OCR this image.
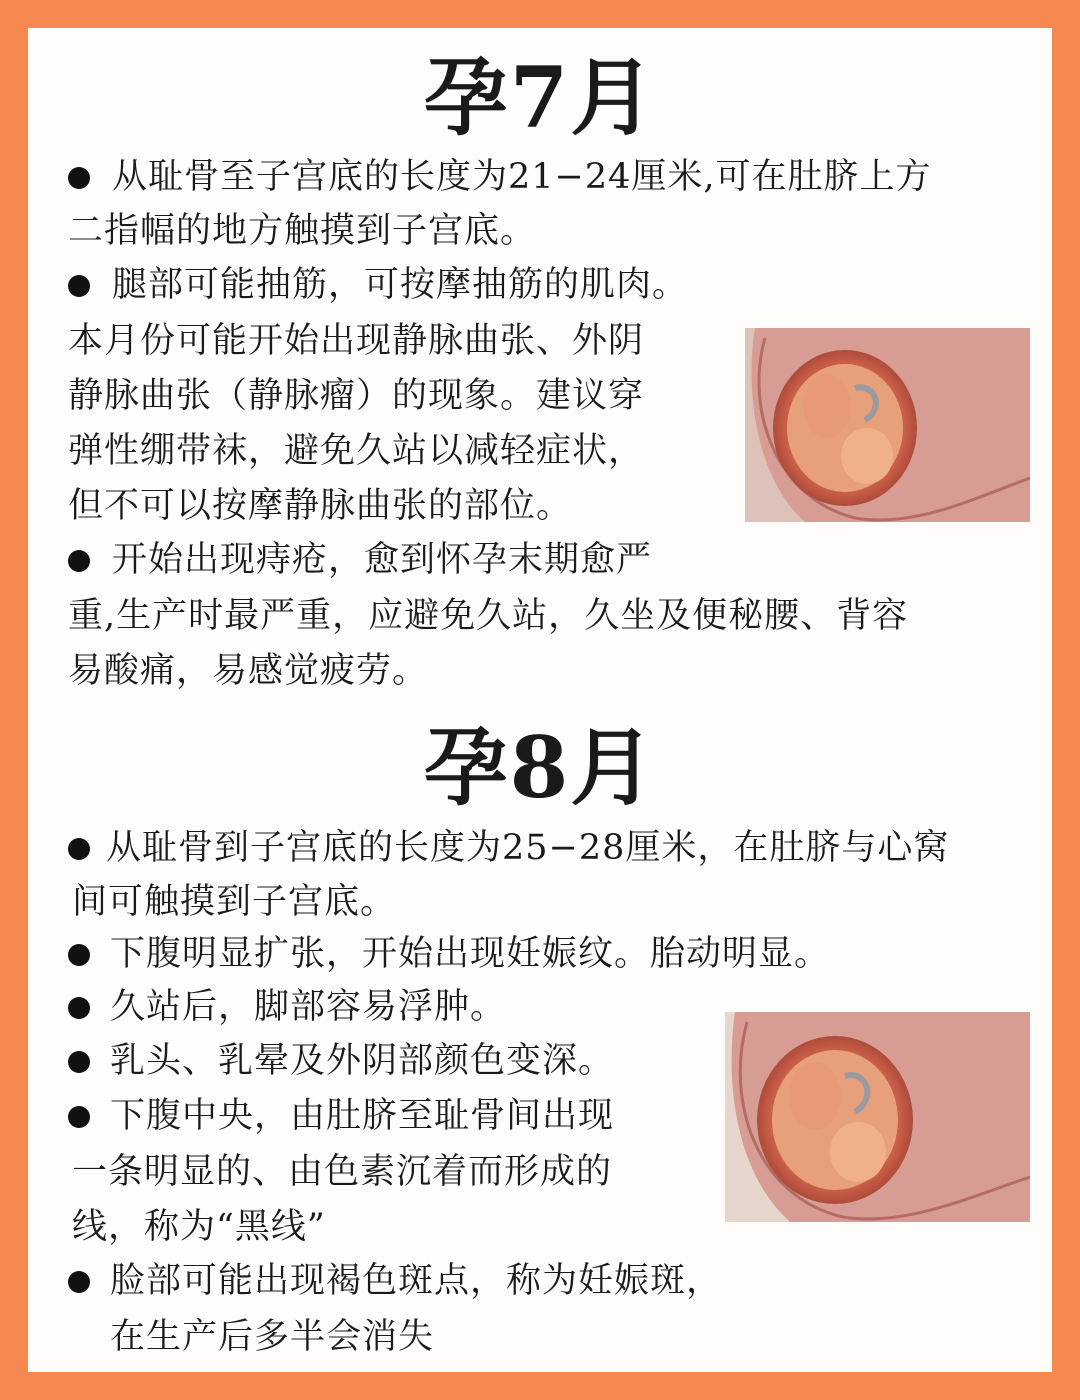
孕7月
从耻骨至子宫底的长度为21−24厘米,可在肚脐上方
二指幅的地方触摸到子宫底。
腿部可能抽筋，可按摩抽筋的肌肉。
本月份可能开始出现静脉曲张、外阴
静脉曲张（静脉瘤）的现象。建议穿
弹性绷带袜，避免久站以减轻症状，
但不可以按摩静脉曲张的部位。
开始出现痔疮，愈到怀孕末期愈严
重,生产时最严重，应避免久站，久坐及便秘腰、背容
易酸痛，易感觉疲劳。
孕8月
从耻骨到子宫底的长度为25−28厘米，在肚脐与心窝
间可触摸到子宫底。
下腹明显扩张，开始出现妊娠纹。胎动明显。
久站后，脚部容易浮肿。
乳头、乳晕及外阴部颜色变深。
下腹中央，由肚脐至耻骨间出现
一条明显的、由色素沉着而形成的
线，称为“黑线”
脸部可能出现褐色斑点，称为妊娠斑，
在生产后多半会消失
